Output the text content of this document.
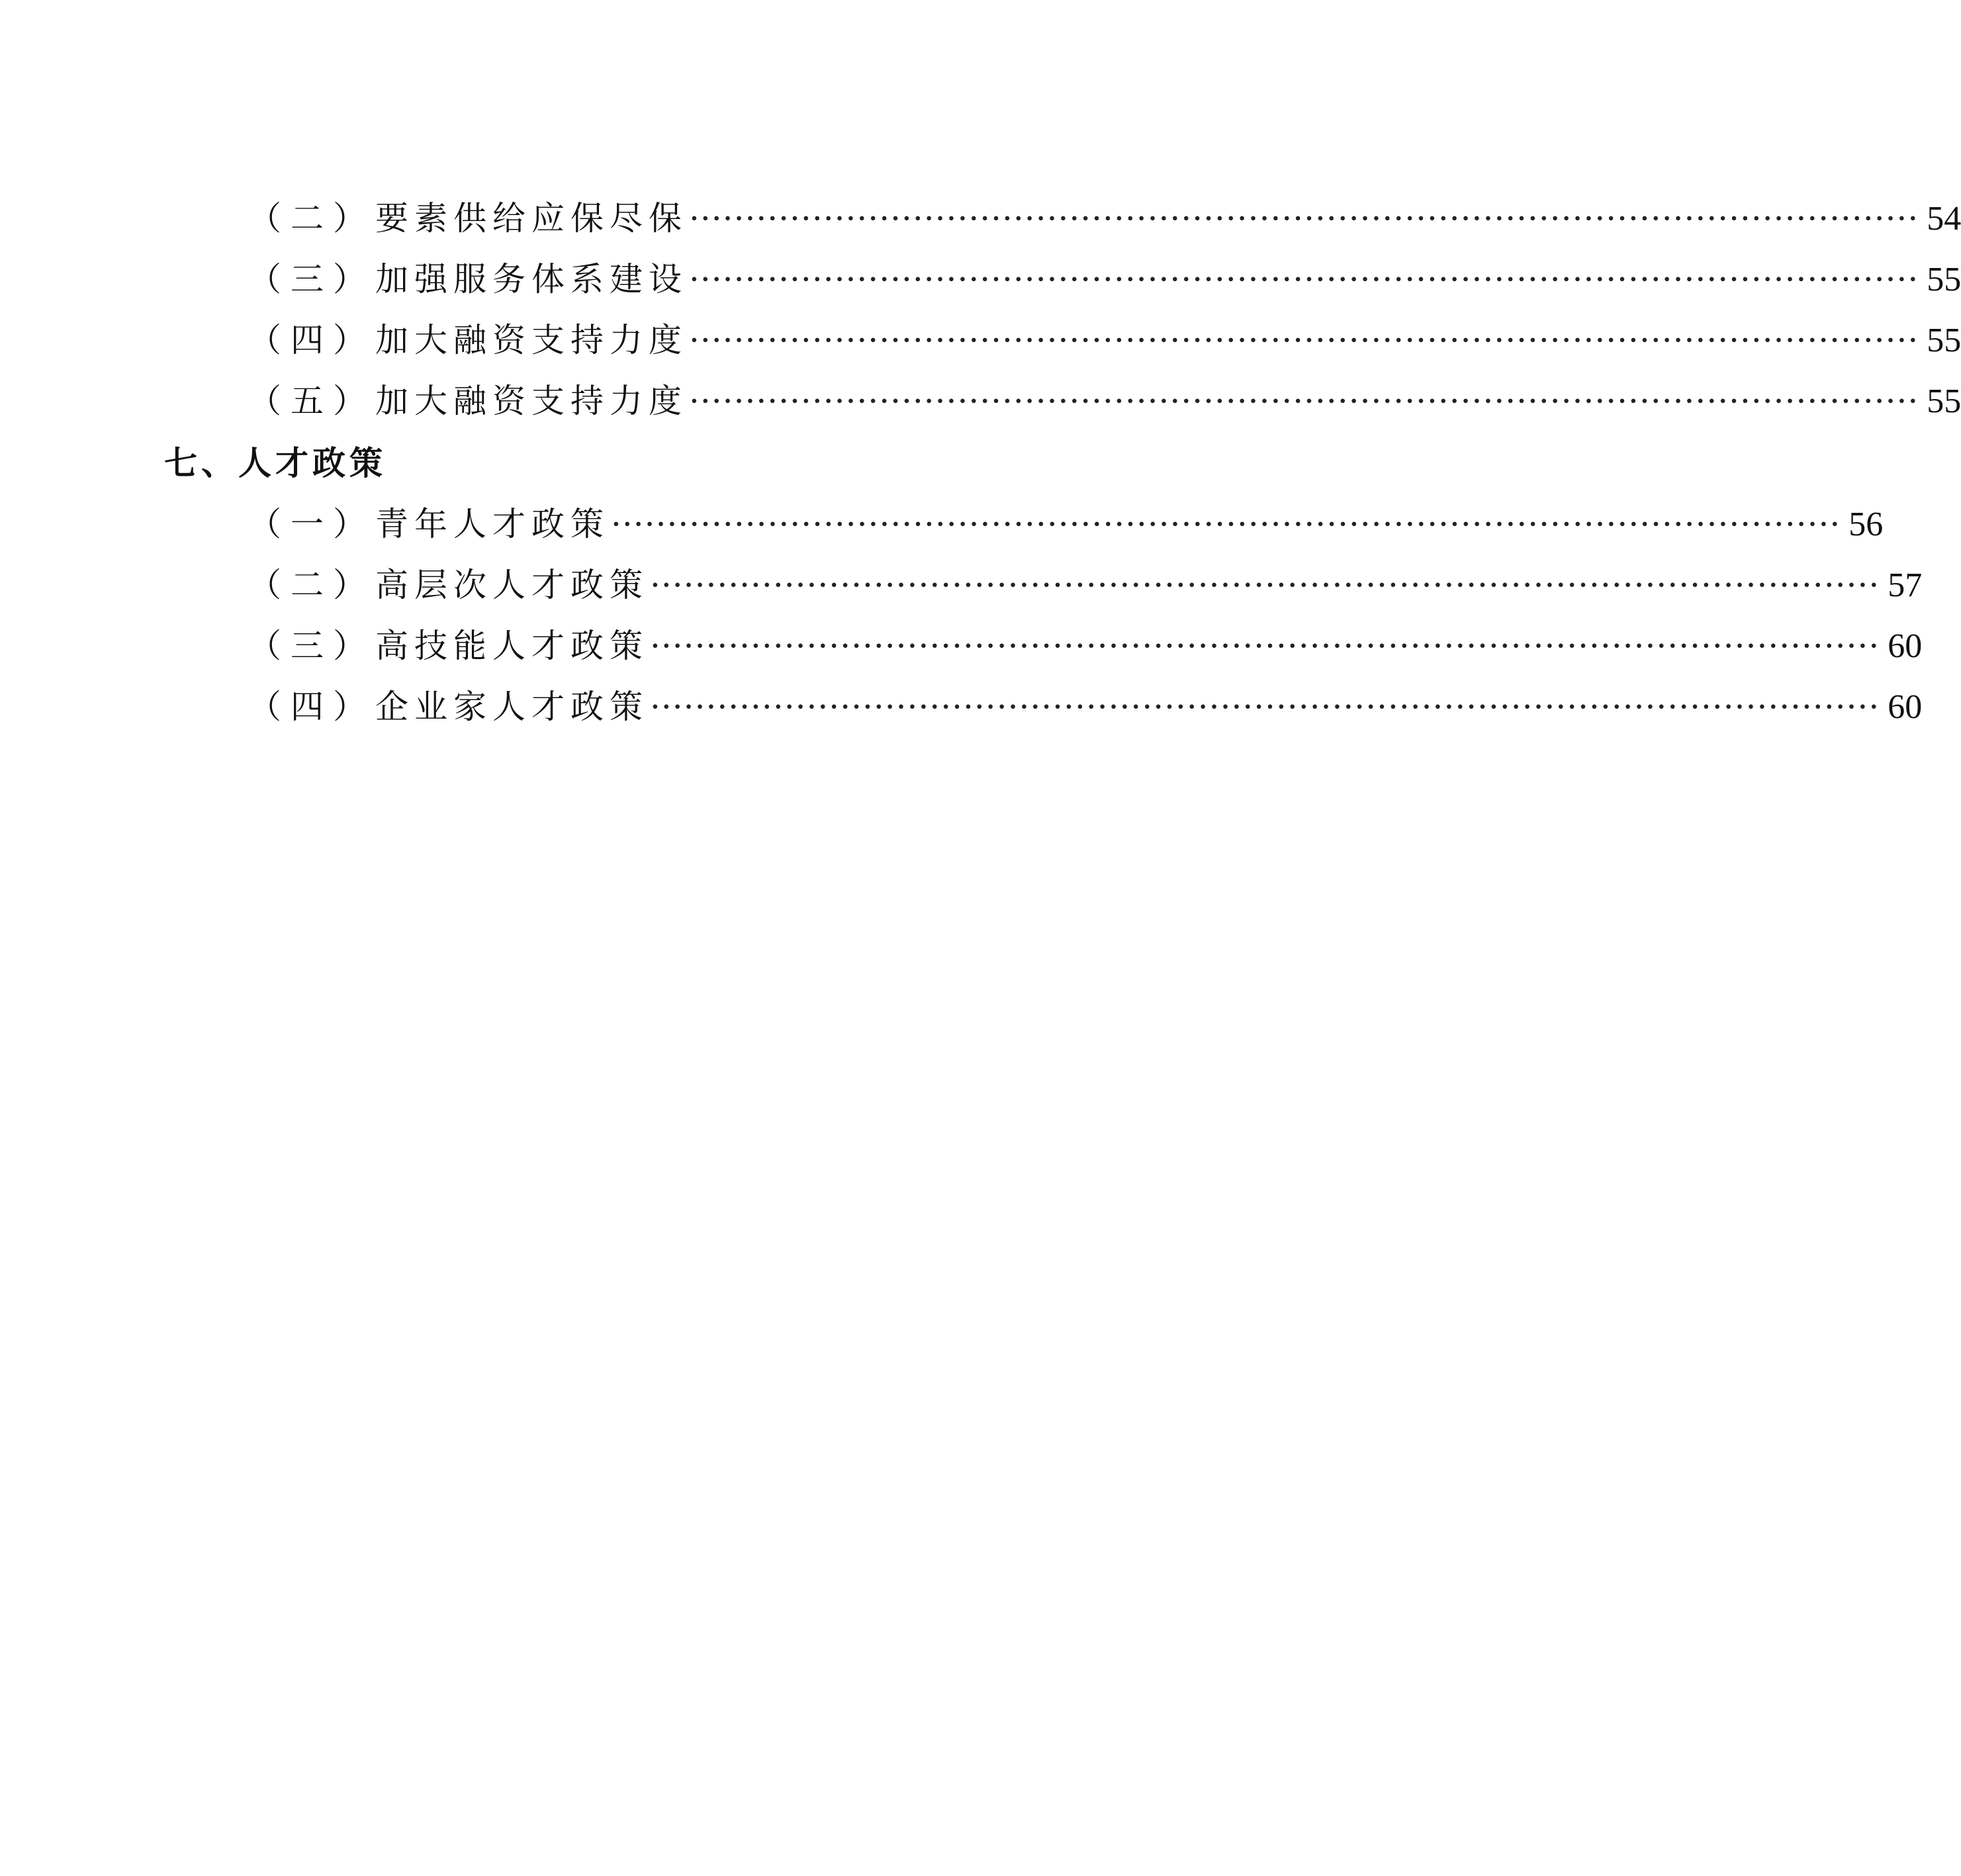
（二） 要素供给应保尽保 ·············································································································· 54
（三） 加强服务体系建设 ·············································································································· 55
（四） 加大融资支持力度 ·············································································································· 55
（五） 加大融资支持力度 ·············································································································· 55
七、人才政策
（一） 青年人才政策 ·············································································································· 56
（二） 高层次人才政策 ·············································································································· 57
（三） 高技能人才政策 ·············································································································· 60
（四） 企业家人才政策 ·············································································································· 60
